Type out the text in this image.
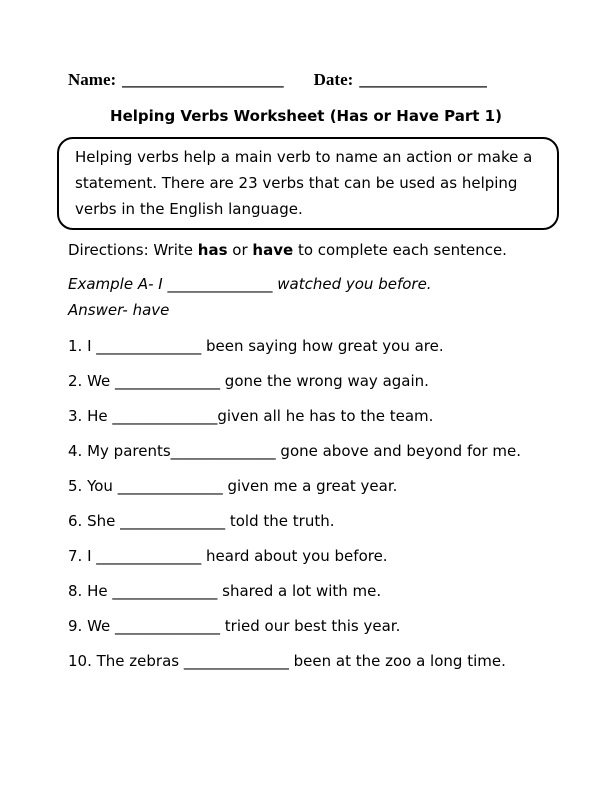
Name: ___________________ Date: _______________
Helping Verbs Worksheet (Has or Have Part 1)
Helping verbs help a main verb to name an action or make a statement. There are 23 verbs that can be used as helping verbs in the English language.
Directions: Write has or have to complete each sentence.
Example A- I ______________ watched you before.
Answer- have
1. I ______________ been saying how great you are.
2. We ______________ gone the wrong way again.
3. He ______________given all he has to the team.
4. My parents______________ gone above and beyond for me.
5. You ______________ given me a great year.
6. She ______________ told the truth.
7. I ______________ heard about you before.
8. He ______________ shared a lot with me.
9. We ______________ tried our best this year.
10. The zebras ______________ been at the zoo a long time.
